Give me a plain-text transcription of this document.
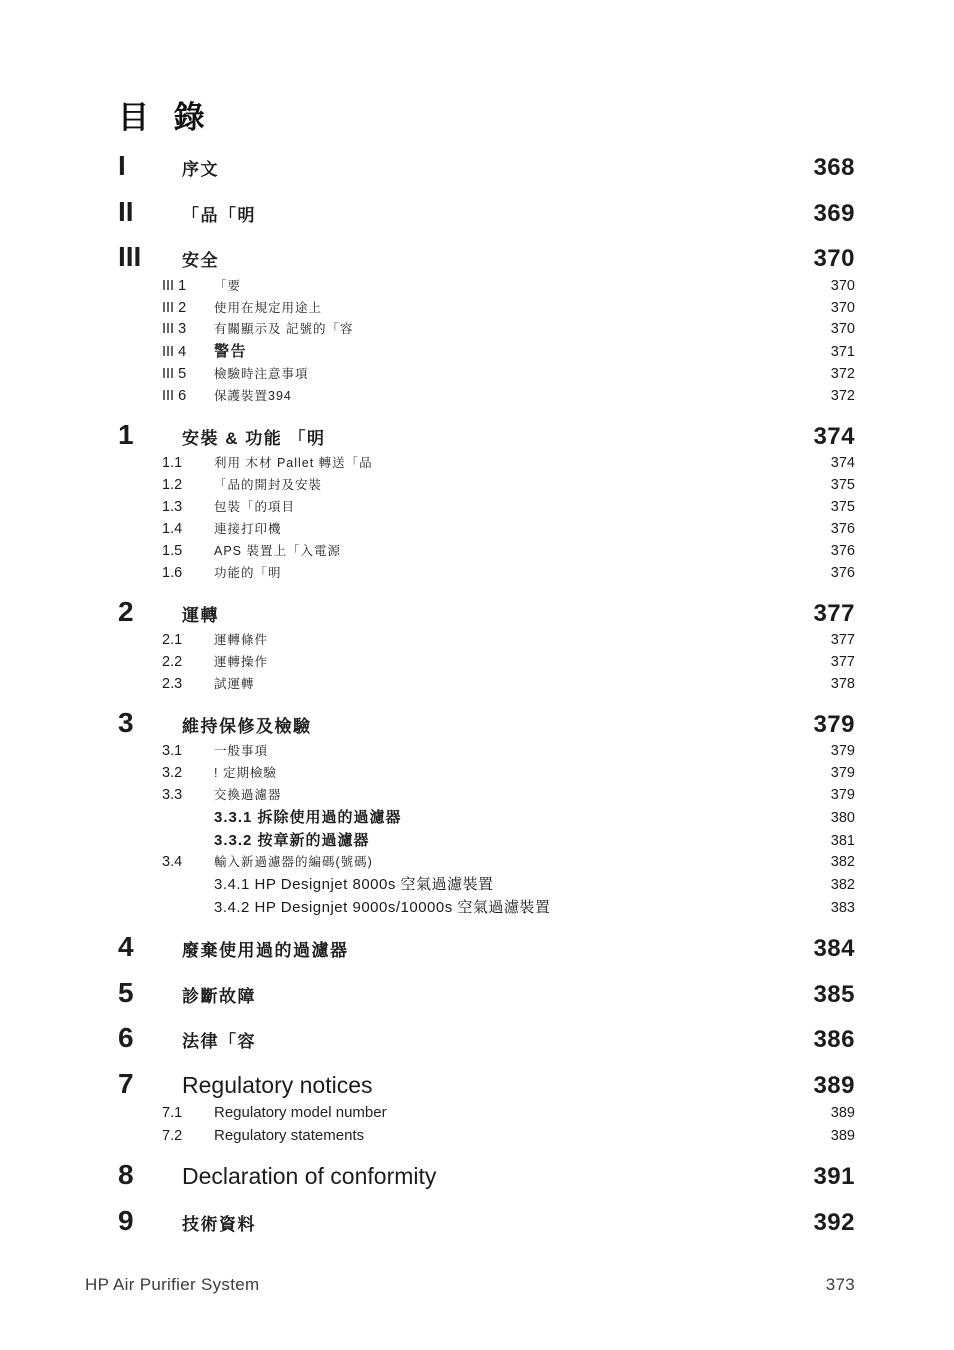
目 錄
I	序文	368
II	「品「明	369
III	安全	370
III 1	「要	370
III 2	使用在規定用途上	370
III 3	有關顯示及 記號的「容	370
III 4	警告	371
III 5	檢驗時注意事項	372
III 6	保護裝置394	372
1	安裝 & 功能 「明	374
1.1	利用 木材 Pallet 轉送「品	374
1.2	「品的開封及安裝	375
1.3	包裝「的項目	375
1.4	連接打印機	376
1.5	APS 裝置上「入電源	376
1.6	功能的「明	376
2	運轉	377
2.1	運轉條件	377
2.2	運轉操作	377
2.3	試運轉	378
3	維持保修及檢驗	379
3.1	一般事項	379
3.2	! 定期檢驗	379
3.3	交換過濾器	379
3.3.1 拆除使用過的過濾器	380
3.3.2 按章新的過濾器	381
3.4	輸入新過濾器的編碼(號碼)	382
3.4.1 HP Designjet 8000s 空氣過濾裝置	382
3.4.2 HP Designjet 9000s/10000s 空氣過濾裝置	383
4	廢棄使用過的過濾器	384
5	診斷故障	385
6	法律「容	386
7	Regulatory notices	389
7.1	Regulatory model number	389
7.2	Regulatory statements	389
8	Declaration of conformity	391
9	技術資料	392
HP Air Purifier System	373
